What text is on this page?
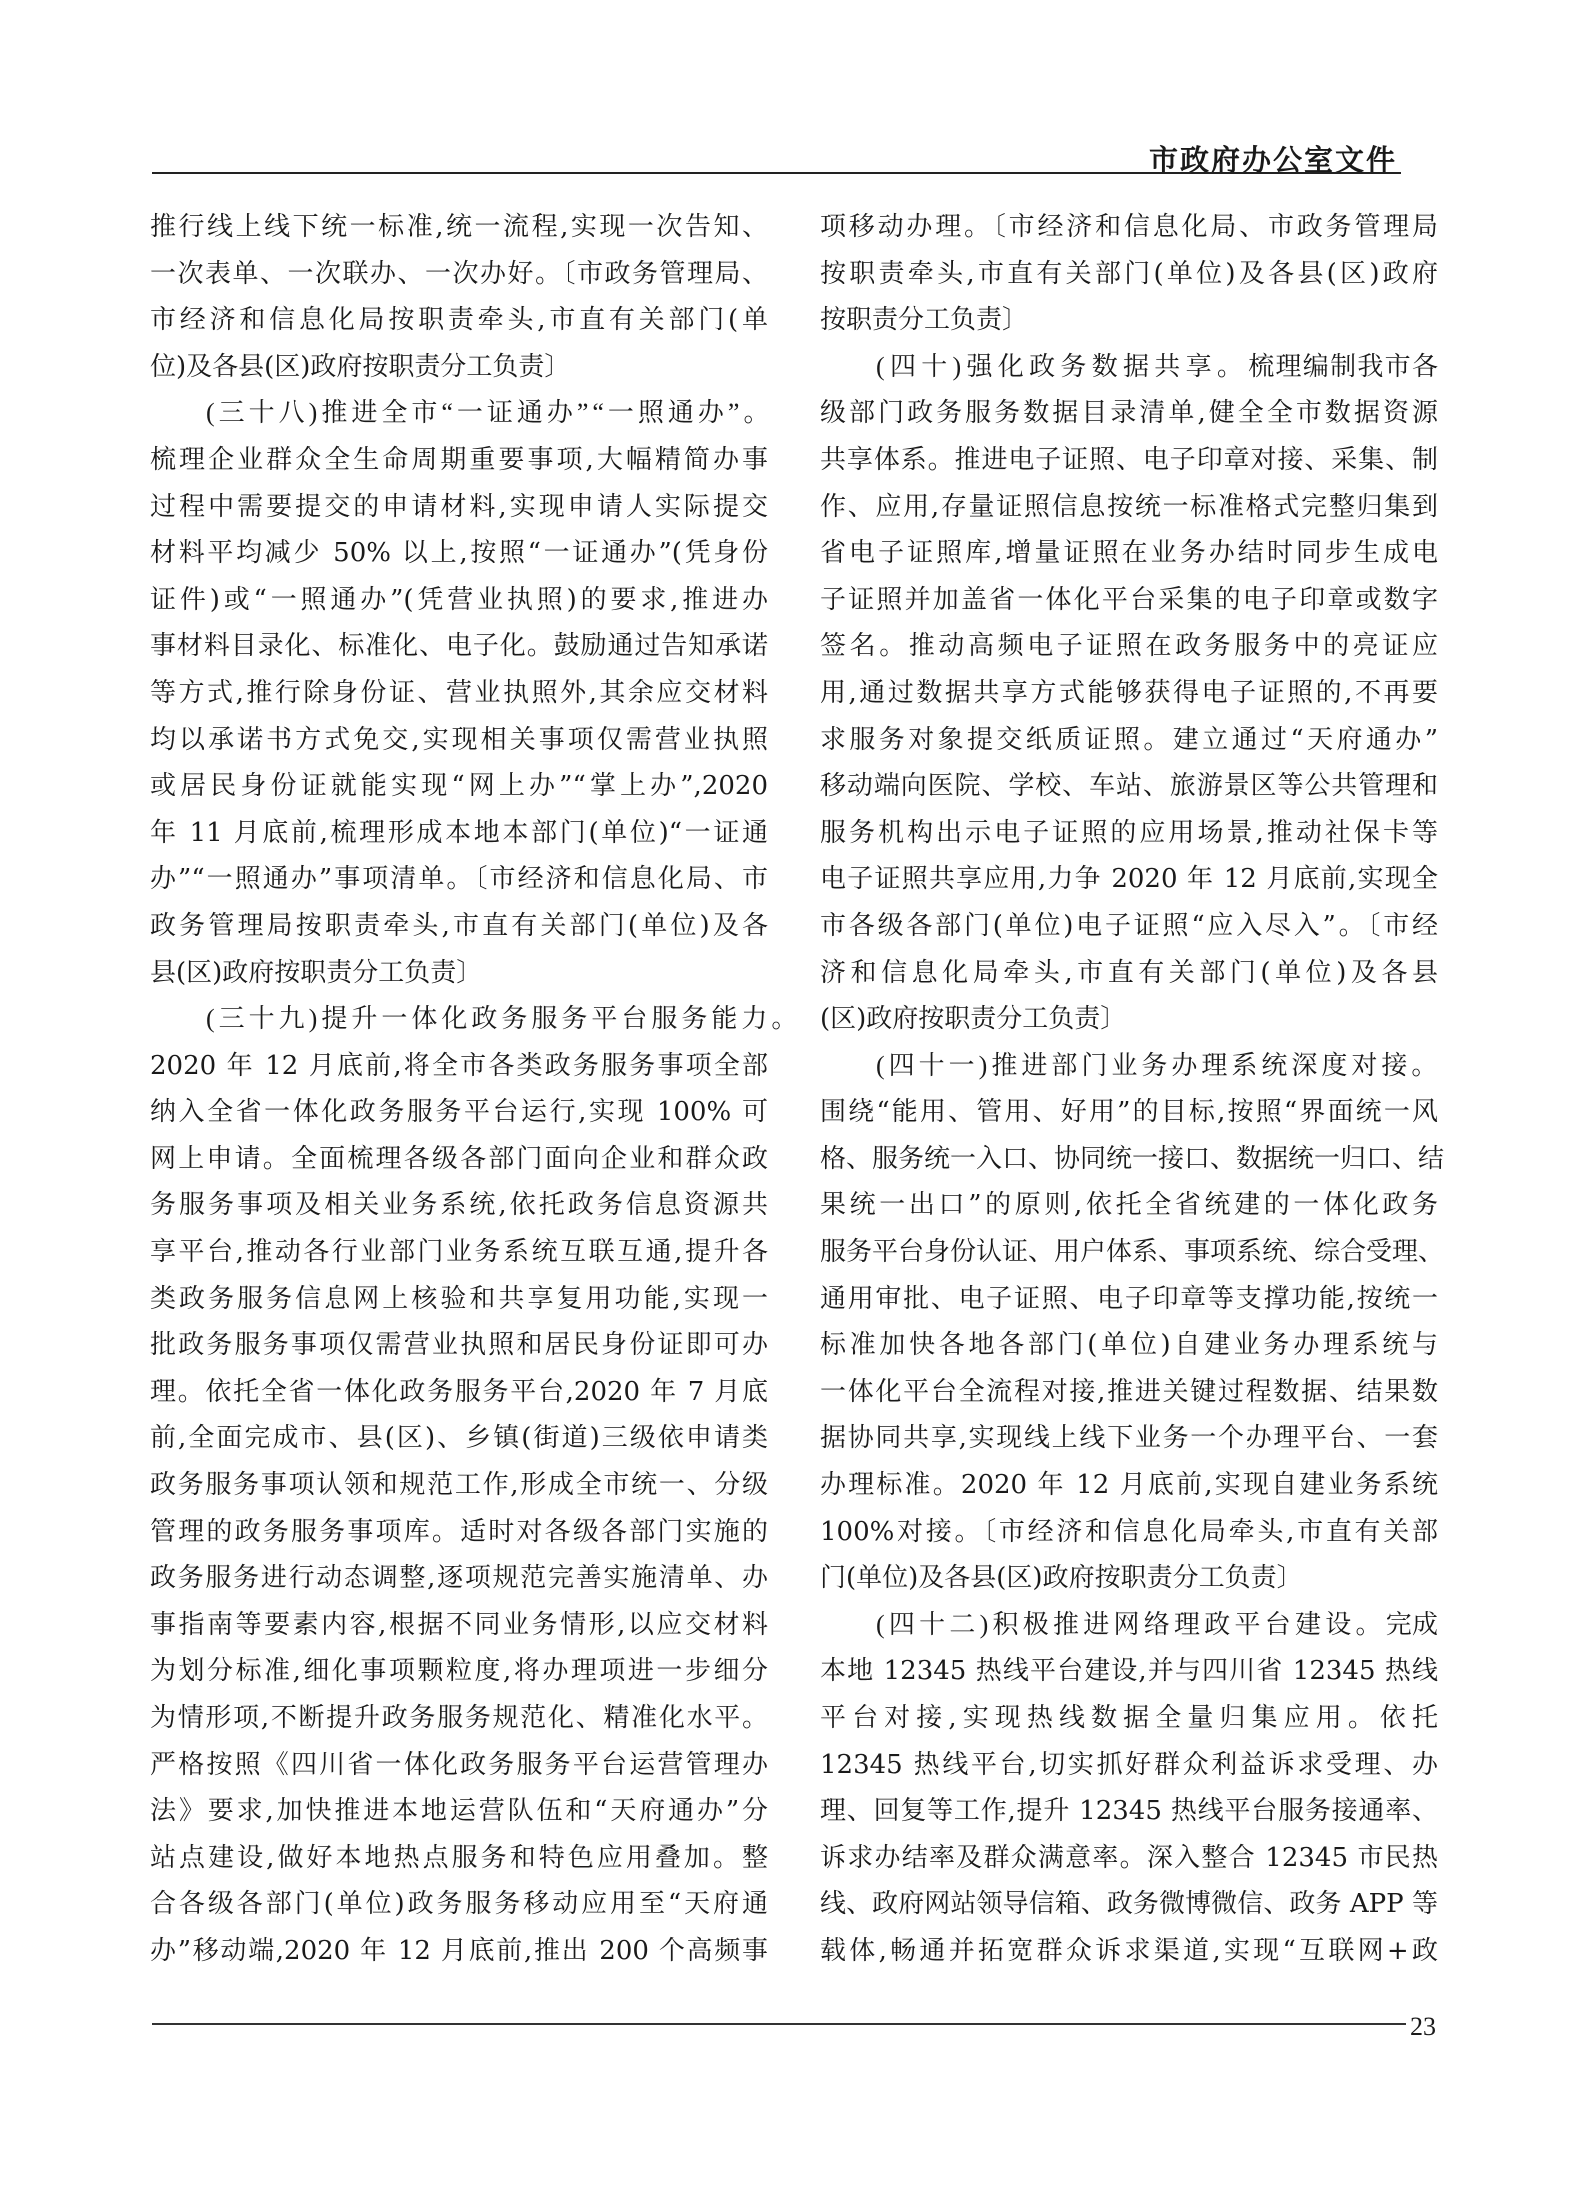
市政府办公室文件
推行线上线下统一标准,统一流程,实现一次告知、
一次表单、一次联办、一次办好。〔市政务管理局、
市经济和信息化局按职责牵头,市直有关部门(单
位)及各县(区)政府按职责分工负责〕
(三十八)推进全市“一证通办”“一照通办”。
梳理企业群众全生命周期重要事项,大幅精简办事
过程中需要提交的申请材料,实现申请人实际提交
材料平均减少 50% 以上,按照“一证通办”(凭身份
证件)或“一照通办”(凭营业执照)的要求,推进办
事材料目录化、标准化、电子化。鼓励通过告知承诺
等方式,推行除身份证、营业执照外,其余应交材料
均以承诺书方式免交,实现相关事项仅需营业执照
或居民身份证就能实现“网上办”“掌上办”,2020
年 11 月底前,梳理形成本地本部门(单位)“一证通
办”“一照通办”事项清单。〔市经济和信息化局、市
政务管理局按职责牵头,市直有关部门(单位)及各
县(区)政府按职责分工负责〕
(三十九)提升一体化政务服务平台服务能力。
2020 年 12 月底前,将全市各类政务服务事项全部
纳入全省一体化政务服务平台运行,实现 100% 可
网上申请。全面梳理各级各部门面向企业和群众政
务服务事项及相关业务系统,依托政务信息资源共
享平台,推动各行业部门业务系统互联互通,提升各
类政务服务信息网上核验和共享复用功能,实现一
批政务服务事项仅需营业执照和居民身份证即可办
理。依托全省一体化政务服务平台,2020 年 7 月底
前,全面完成市、县(区)、乡镇(街道)三级依申请类
政务服务事项认领和规范工作,形成全市统一、分级
管理的政务服务事项库。适时对各级各部门实施的
政务服务进行动态调整,逐项规范完善实施清单、办
事指南等要素内容,根据不同业务情形,以应交材料
为划分标准,细化事项颗粒度,将办理项进一步细分
为情形项,不断提升政务服务规范化、精准化水平。
严格按照《四川省一体化政务服务平台运营管理办
法》要求,加快推进本地运营队伍和“天府通办”分
站点建设,做好本地热点服务和特色应用叠加。整
合各级各部门(单位)政务服务移动应用至“天府通
办”移动端,2020 年 12 月底前,推出 200 个高频事
项移动办理。〔市经济和信息化局、市政务管理局
按职责牵头,市直有关部门(单位)及各县(区)政府
按职责分工负责〕
(四十)强化政务数据共享。梳理编制我市各
级部门政务服务数据目录清单,健全全市数据资源
共享体系。推进电子证照、电子印章对接、采集、制
作、应用,存量证照信息按统一标准格式完整归集到
省电子证照库,增量证照在业务办结时同步生成电
子证照并加盖省一体化平台采集的电子印章或数字
签名。推动高频电子证照在政务服务中的亮证应
用,通过数据共享方式能够获得电子证照的,不再要
求服务对象提交纸质证照。建立通过“天府通办”
移动端向医院、学校、车站、旅游景区等公共管理和
服务机构出示电子证照的应用场景,推动社保卡等
电子证照共享应用,力争 2020 年 12 月底前,实现全
市各级各部门(单位)电子证照“应入尽入”。〔市经
济和信息化局牵头,市直有关部门(单位)及各县
(区)政府按职责分工负责〕
(四十一)推进部门业务办理系统深度对接。
围绕“能用、管用、好用”的目标,按照“界面统一风
格、服务统一入口、协同统一接口、数据统一归口、结
果统一出口”的原则,依托全省统建的一体化政务
服务平台身份认证、用户体系、事项系统、综合受理、
通用审批、电子证照、电子印章等支撑功能,按统一
标准加快各地各部门(单位)自建业务办理系统与
一体化平台全流程对接,推进关键过程数据、结果数
据协同共享,实现线上线下业务一个办理平台、一套
办理标准。2020 年 12 月底前,实现自建业务系统
100%对接。〔市经济和信息化局牵头,市直有关部
门(单位)及各县(区)政府按职责分工负责〕
(四十二)积极推进网络理政平台建设。完成
本地 12345 热线平台建设,并与四川省 12345 热线
平台对接,实现热线数据全量归集应用。依托
12345 热线平台,切实抓好群众利益诉求受理、办
理、回复等工作,提升 12345 热线平台服务接通率、
诉求办结率及群众满意率。深入整合 12345 市民热
线、政府网站领导信箱、政务微博微信、政务 APP 等
载体,畅通并拓宽群众诉求渠道,实现“互联网+政
23
